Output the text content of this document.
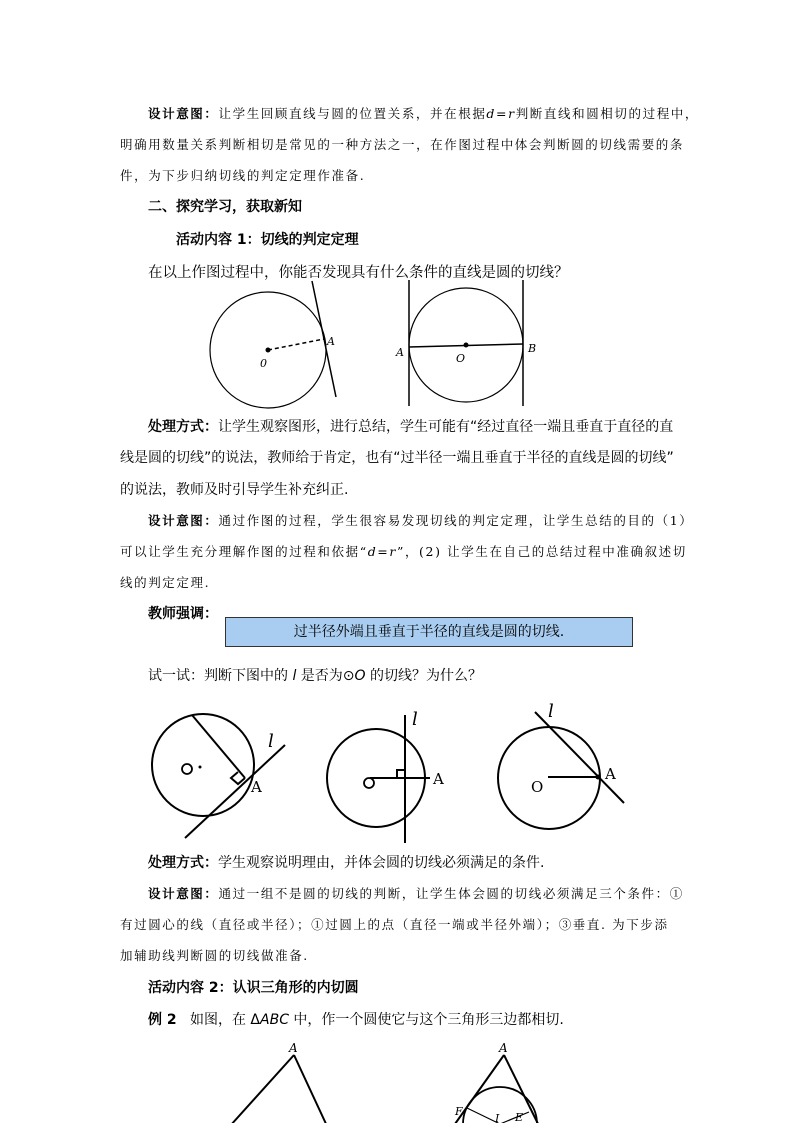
设计意图：让学生回顾直线与圆的位置关系，并在根据d=r判断直线和圆相切的过程中，
明确用数量关系判断相切是常见的一种方法之一，在作图过程中体会判断圆的切线需要的条
件，为下步归纳切线的判定定理作准备.
二、探究学习，获取新知
活动内容 1：切线的判定定理
在以上作图过程中，你能否发现具有什么条件的直线是圆的切线？
0
A
A	O
B
处理方式：让学生观察图形，进行总结，学生可能有“经过直径一端且垂直于直径的直
线是圆的切线”的说法，教师给于肯定，也有“过半径一端且垂直于半径的直线是圆的切线”
的说法，教师及时引导学生补充纠正.
设计意图：通过作图的过程，学生很容易发现切线的判定定理，让学生总结的目的（1）
可以让学生充分理解作图的过程和依据“d=r”，(2) 让学生在自己的总结过程中准确叙述切
线的判定定理.
教师强调：
过半径外端且垂直于半径的直线是圆的切线.
试一试：判断下图中的 l 是否为⊙O 的切线？为什么？
l
A
l
A
l
O
A
处理方式：学生观察说明理由，并体会圆的切线必须满足的条件.
设计意图：通过一组不是圆的切线的判断，让学生体会圆的切线必须满足三个条件：①
有过圆心的线（直径或半径）；①过圆上的点（直径一端或半径外端）；③垂直. 为下步添
加辅助线判断圆的切线做准备.
活动内容 2：认识三角形的内切圆
例 2 如图，在 ΔABC 中，作一个圆使它与这个三角形三边都相切.
A	A
F	E
I
